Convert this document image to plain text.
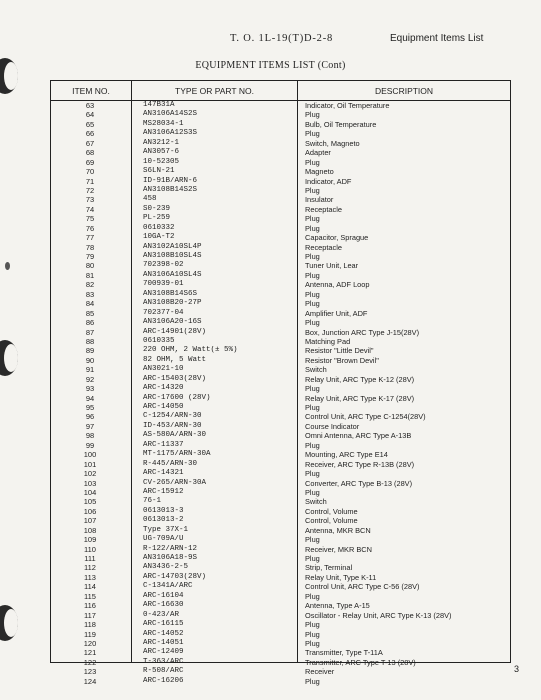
T. O. 1L-19(T)D-2-8	Equipment Items List
EQUIPMENT ITEMS LIST (Cont)
ITEM NO.	TYPE OR PART NO.	DESCRIPTION
63	147B31A	Indicator, Oil Temperature
64	AN3106A14S2S	Plug
65	MS28034-1	Bulb, Oil Temperature
66	AN3106A12S3S	Plug
67	AN3212-1	Switch, Magneto
68	AN3057-6	Adapter
69	10-52305	Plug
70	S6LN-21	Magneto
71	ID-91B/ARN-6	Indicator, ADF
72	AN3108B14S2S	Plug
73	458	Insulator
74	S0-239	Receptacle
75	PL-259	Plug
76	0610332	Plug
77	10GA-T2	Capacitor, Sprague
78	AN3102A10SL4P	Receptacle
79	AN3108B10SL4S	Plug
80	702398-02	Tuner Unit, Lear
81	AN3106A10SL4S	Plug
82	700939-01	Antenna, ADF Loop
83	AN3108B14S6S	Plug
84	AN3108B20-27P	Plug
85	702377-04	Amplifier Unit, ADF
86	AN3106A20-16S	Plug
87	ARC-14901(28V)	Box, Junction ARC Type J-15(28V)
88	0610335	Matching Pad
89	220 OHM, 2 Watt(± 5%)	Resistor "Little Devil"
90	82 OHM, 5 Watt	Resistor "Brown Devil"
91	AN3021-10	Switch
92	ARC-15403(28V)	Relay Unit, ARC Type K-12 (28V)
93	ARC-14320	Plug
94	ARC-17600 (28V)	Relay Unit, ARC Type K-17 (28V)
95	ARC-14050	Plug
96	C-1254/ARN-30	Control Unit, ARC Type C-1254(28V)
97	ID-453/ARN-30	Course Indicator
98	AS-580A/ARN-30	Omni Antenna, ARC Type A-13B
99	ARC-11337	Plug
100	MT-1175/ARN-30A	Mounting, ARC Type E14
101	R-445/ARN-30	Receiver, ARC Type R-13B (28V)
102	ARC-14321	Plug
103	CV-265/ARN-30A	Converter, ARC Type B-13 (28V)
104	ARC-15912	Plug
105	76-1	Switch
106	0613013-3	Control, Volume
107	0613013-2	Control, Volume
108	Type 37X-1	Antenna, MKR BCN
109	UG-709A/U	Plug
110	R-122/ARN-12	Receiver, MKR BCN
111	AN3106A18-9S	Plug
112	AN3436-2-5	Strip, Terminal
113	ARC-14703(28V)	Relay Unit, Type K-11
114	C-1341A/ARC	Control Unit, ARC Type C-56 (28V)
115	ARC-16104	Plug
116	ARC-16630	Antenna, Type A-15
117	0-423/AR	Oscillator - Relay Unit, ARC Type K-13 (28V)
118	ARC-16115	Plug
119	ARC-14052	Plug
120	ARC-14051	Plug
121	ARC-12409	Transmitter, Type T-11A
122	T-363/ARC	Transmitter, ARC Type T-13 (28V)
123	R-508/ARC	Receiver
124	ARC-16206	Plug
3
